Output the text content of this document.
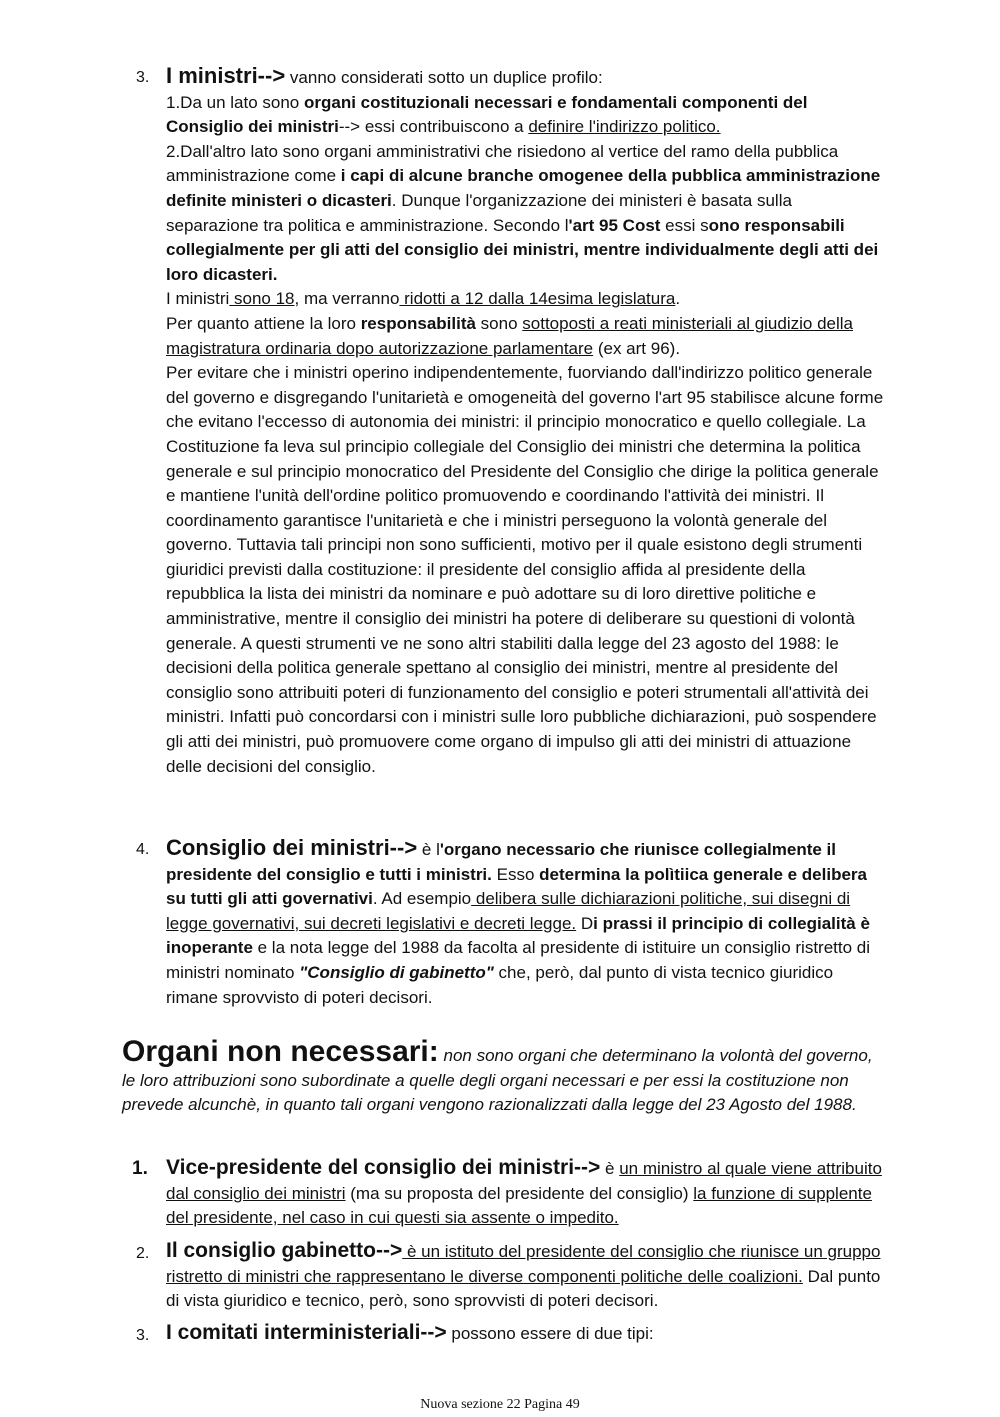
3. I ministri--> vanno considerati sotto un duplice profilo:

1.Da un lato sono organi costituzionali necessari e fondamentali componenti del Consiglio dei ministri--> essi contribuiscono a definire l'indirizzo politico.

2.Dall'altro lato sono organi amministrativi che risiedono al vertice del ramo della pubblica amministrazione come i capi di alcune branche omogenee della pubblica amministrazione definite ministeri o dicasteri. Dunque l'organizzazione dei ministeri è basata sulla separazione tra politica e amministrazione. Secondo l'art 95 Cost essi sono responsabili collegialmente per gli atti del consiglio dei ministri, mentre individualmente degli atti dei loro dicasteri.

I ministri sono 18, ma verranno ridotti a 12 dalla 14esima legislatura.

Per quanto attiene la loro responsabilità sono sottoposti a reati ministeriali al giudizio della magistratura ordinaria dopo autorizzazione parlamentare (ex art 96).

Per evitare che i ministri operino indipendentemente, fuorviando dall'indirizzo politico generale del governo e disgregando l'unitarietà e omogeneità del governo l'art 95 stabilisce alcune forme che evitano l'eccesso di autonomia dei ministri: il principio monocratico e quello collegiale. La Costituzione fa leva sul principio collegiale del Consiglio dei ministri che determina la politica generale e sul principio monocratico del Presidente del Consiglio che dirige la politica generale e mantiene l'unità dell'ordine politico promuovendo e coordinando l'attività dei ministri. Il coordinamento garantisce l'unitarietà e che i ministri perseguono la volontà generale del governo. Tuttavia tali principi non sono sufficienti, motivo per il quale esistono degli strumenti giuridici previsti dalla costituzione: il presidente del consiglio affida al presidente della repubblica la lista dei ministri da nominare e può adottare su di loro direttive politiche e amministrative, mentre il consiglio dei ministri ha potere di deliberare su questioni di volontà generale. A questi strumenti ve ne sono altri stabiliti dalla legge del 23 agosto del 1988: le decisioni della politica generale spettano al consiglio dei ministri, mentre al presidente del consiglio sono attribuiti poteri di funzionamento del consiglio e poteri strumentali all'attività dei ministri. Infatti può concordarsi con i ministri sulle loro pubbliche dichiarazioni, può sospendere gli atti dei ministri, può promuovere come organo di impulso gli atti dei ministri di attuazione delle decisioni del consiglio.

4. Consiglio dei ministri--> è l'organo necessario che riunisce collegialmente il presidente del consiglio e tutti i ministri. Esso determina la polìtiica generale e delibera su tutti gli atti governativi. Ad esempio delibera sulle dichiarazioni politiche, sui disegni di legge governativi, sui decreti legislativi e decreti legge. Di prassi il principio di collegialità è inoperante e la nota legge del 1988 da facolta al presidente di istituire un consiglio ristretto di ministri nominato "Consiglio di gabinetto" che, però, dal punto di vista tecnico giuridico rimane sprovvisto di poteri decisori.

Organi non necessari: non sono organi che determinano la volontà del governo, le loro attribuzioni sono subordinate a quelle degli organi necessari e per essi la costituzione non prevede alcunchè, in quanto tali organi vengono razionalizzati dalla legge del 23 Agosto del 1988.

1. Vice-presidente del consiglio dei ministri--> è un ministro al quale viene attribuito dal consiglio dei ministri (ma su proposta del presidente del consiglio) la funzione di supplente del presidente, nel caso in cui questi sia assente o impedito.

2. Il consiglio gabinetto--> è un istituto del presidente del consiglio che riunisce un gruppo ristretto di ministri che rappresentano le diverse componenti politiche delle coalizioni. Dal punto di vista giuridico e tecnico, però, sono sprovvisti di poteri decisori.

3. I comitati interministeriali--> possono essere di due tipi:

Nuova sezione 22 Pagina 49
